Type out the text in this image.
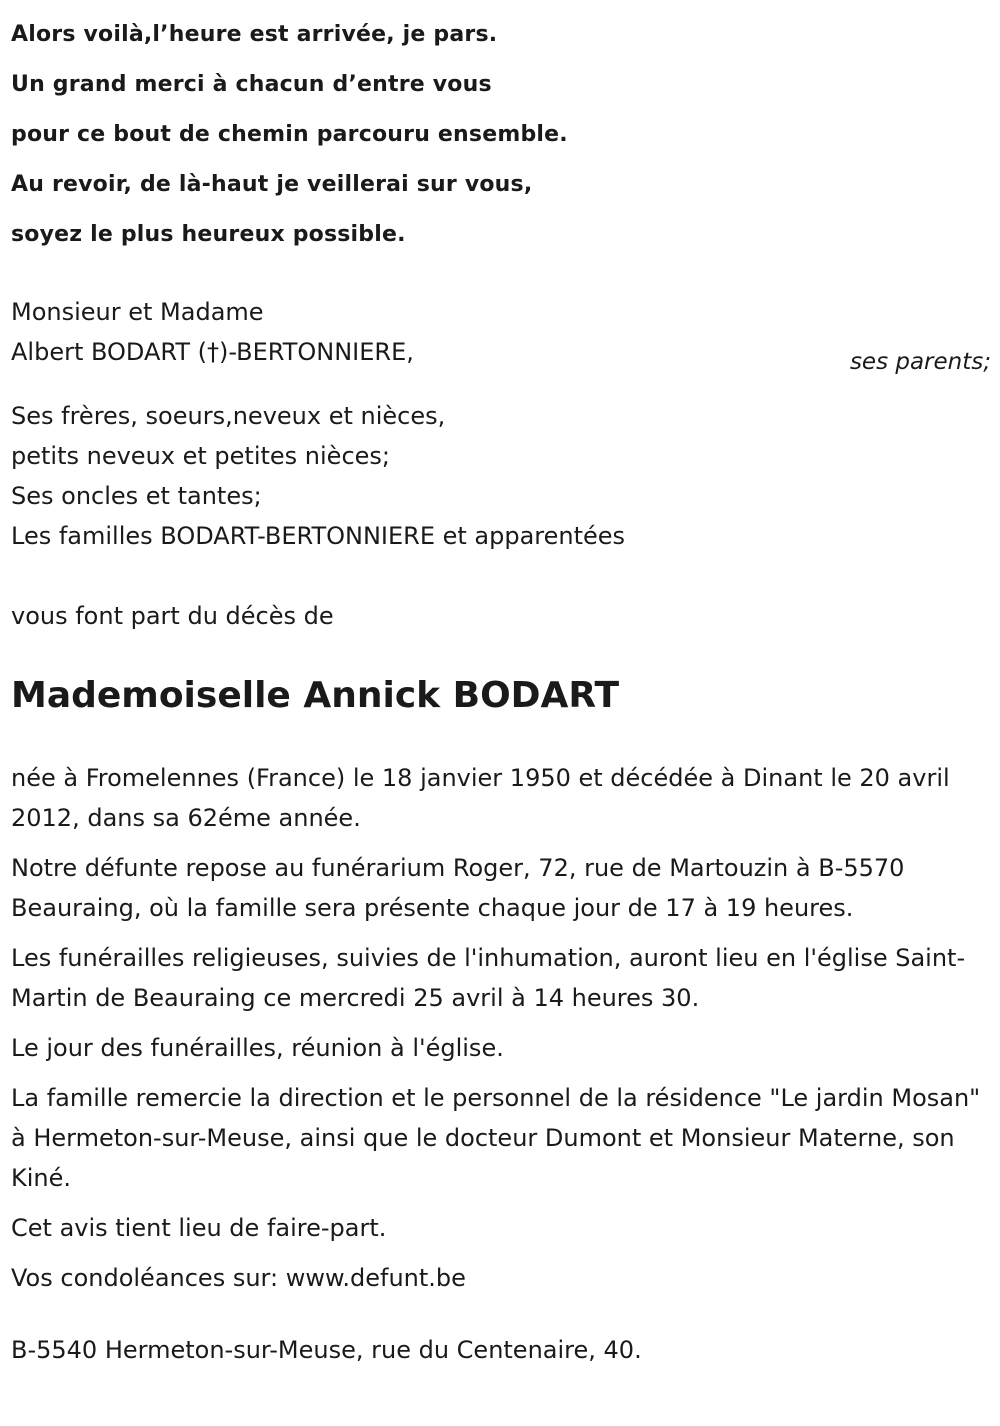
Alors voilà,l’heure est arrivée, je pars.
Un grand merci à chacun d’entre vous
pour ce bout de chemin parcouru ensemble.
Au revoir, de là-haut je veillerai sur vous,
soyez le plus heureux possible.
Monsieur et Madame
Albert BODART (†)-BERTONNIERE,	ses parents;
Ses frères, soeurs,neveux et nièces,
petits neveux et petites nièces;
Ses oncles et tantes;
Les familles BODART-BERTONNIERE et apparentées
vous font part du décès de
Mademoiselle Annick BODART

née à Fromelennes (France) le 18 janvier 1950 et décédée à Dinant le 20 avril 2012, dans sa 62éme année.

Notre défunte repose au funérarium Roger, 72, rue de Martouzin à B-5570 Beauraing, où la famille sera présente chaque jour de 17 à 19 heures.

Les funérailles religieuses, suivies de l'inhumation, auront lieu en l'église Saint-Martin de Beauraing ce mercredi 25 avril à 14 heures 30.

Le jour des funérailles, réunion à l'église.

La famille remercie la direction et le personnel de la résidence "Le jardin Mosan" à Hermeton-sur-Meuse, ainsi que le docteur Dumont et Monsieur Materne, son Kiné.

Cet avis tient lieu de faire-part.

Vos condoléances sur: www.defunt.be

B-5540 Hermeton-sur-Meuse, rue du Centenaire, 40.
